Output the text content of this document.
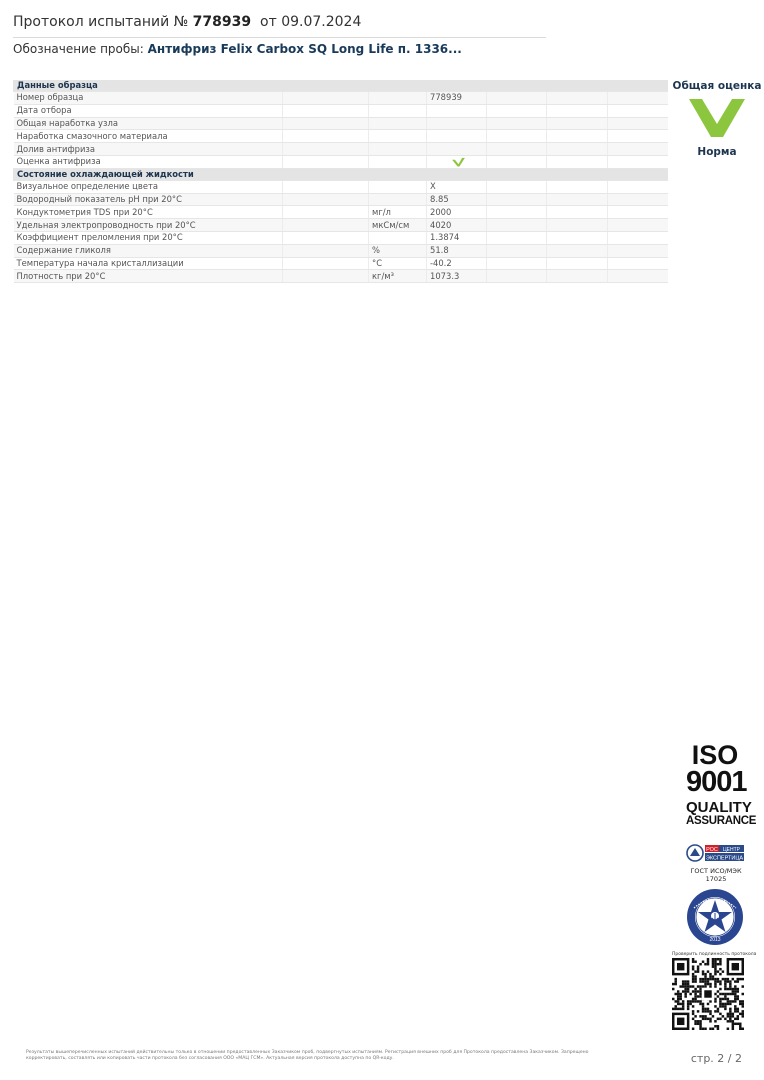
Протокол испытаний № 778939 от 09.07.2024
Обозначение пробы: Антифриз Felix Carbox SQ Long Life п. 1336...
Данные образца						
Номер образца			778939			
Дата отбора						
Общая наработка узла						
Наработка смазочного материала						
Долив антифриза						
Оценка антифриза						
Состояние охлаждающей жидкости						
Визуальное определение цвета			Х			
Водородный показатель pH при 20°C			8.85			
Кондуктометрия TDS при 20°C		мг/л	2000			
Удельная электропроводность при 20°C		мкСм/см	4020			
Коэффициент преломления при 20°C			1.3874			
Содержание гликоля		%	51.8			
Температура начала кристаллизации		°C	-40.2			
Плотность при 20°C		кг/м³	1073.3			
Общая оценка
Норма
ISO
9001
QUALITY
ASSURANCE
РОС ЦЕНТР
ЭКСПЕРТИЦА
ГОСТ ИСО/МЭК 17025
2013
Проверить подлинность протокола
Результаты вышеперечисленных испытаний действительны только в отношении предоставленных Заказчиком проб, подвергнутых испытаниям. Регистрация внешних проб для Протокола предоставлена Заказчиком. Запрещено корректировать, составлять или копировать части протокола без согласования ООО «МАЦ ГСМ». Актуальная версия протокола доступна по QR-коду.	стр. 2 / 2
